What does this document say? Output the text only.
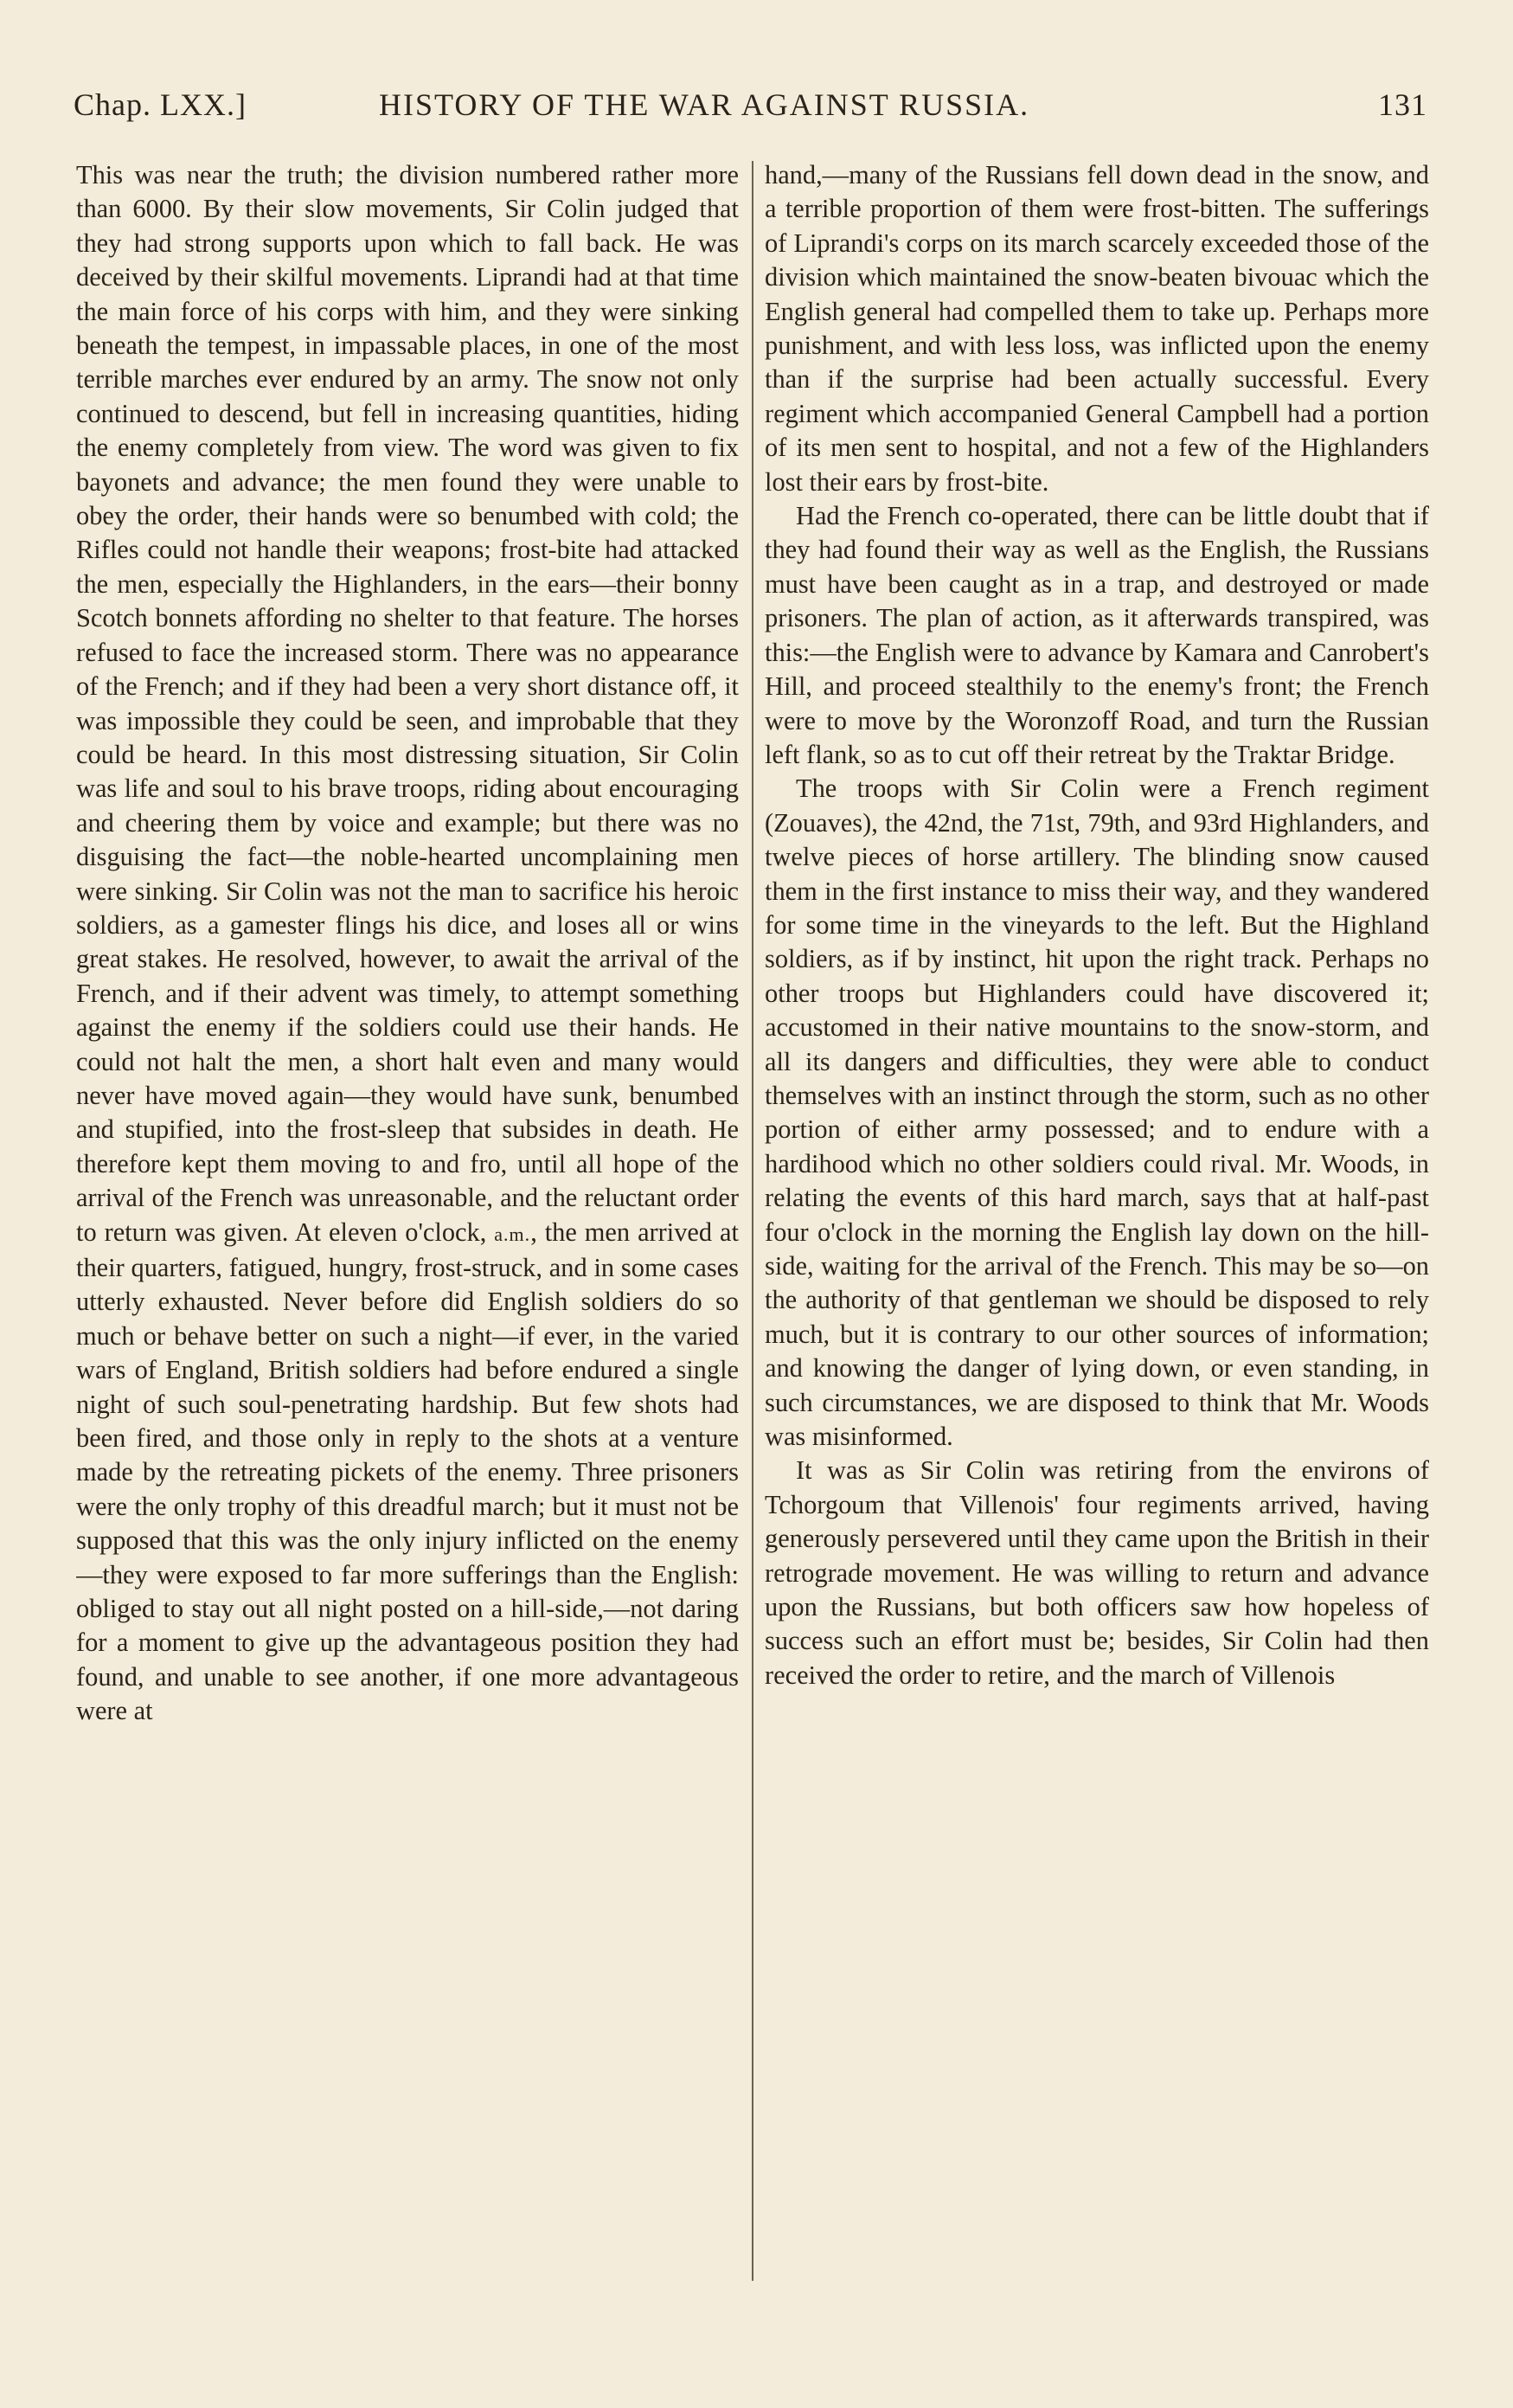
Chap. LXX.]	HISTORY OF THE WAR AGAINST RUSSIA.	131

This was near the truth; the division numbered rather more than 6000. By their slow movements, Sir Colin judged that they had strong supports upon which to fall back. He was deceived by their skilful movements. Liprandi had at that time the main force of his corps with him, and they were sinking beneath the tempest, in impassable places, in one of the most terrible marches ever endured by an army. The snow not only continued to descend, but fell in increasing quantities, hiding the enemy completely from view. The word was given to fix bayonets and advance; the men found they were unable to obey the order, their hands were so benumbed with cold; the Rifles could not handle their weapons; frost-bite had attacked the men, especially the Highlanders, in the ears—their bonny Scotch bonnets affording no shelter to that feature. The horses refused to face the increased storm. There was no appearance of the French; and if they had been a very short distance off, it was impossible they could be seen, and improbable that they could be heard. In this most distressing situation, Sir Colin was life and soul to his brave troops, riding about encouraging and cheering them by voice and example; but there was no disguising the fact—the noble-hearted uncomplaining men were sinking. Sir Colin was not the man to sacrifice his heroic soldiers, as a gamester flings his dice, and loses all or wins great stakes. He resolved, however, to await the arrival of the French, and if their advent was timely, to attempt something against the enemy if the soldiers could use their hands. He could not halt the men, a short halt even and many would never have moved again—they would have sunk, benumbed and stupified, into the frost-sleep that subsides in death. He therefore kept them moving to and fro, until all hope of the arrival of the French was unreasonable, and the reluctant order to return was given. At eleven o'clock, a.m., the men arrived at their quarters, fatigued, hungry, frost-struck, and in some cases utterly exhausted. Never before did English soldiers do so much or behave better on such a night—if ever, in the varied wars of England, British soldiers had before endured a single night of such soul-penetrating hardship. But few shots had been fired, and those only in reply to the shots at a venture made by the retreating pickets of the enemy. Three prisoners were the only trophy of this dreadful march; but it must not be supposed that this was the only injury inflicted on the enemy—they were exposed to far more sufferings than the English: obliged to stay out all night posted on a hill-side,—not daring for a moment to give up the advantageous position they had found, and unable to see another, if one more advantageous were at

hand,—many of the Russians fell down dead in the snow, and a terrible proportion of them were frost-bitten. The sufferings of Liprandi's corps on its march scarcely exceeded those of the division which maintained the snow-beaten bivouac which the English general had compelled them to take up. Perhaps more punishment, and with less loss, was inflicted upon the enemy than if the surprise had been actually successful. Every regiment which accompanied General Campbell had a portion of its men sent to hospital, and not a few of the Highlanders lost their ears by frost-bite.

Had the French co-operated, there can be little doubt that if they had found their way as well as the English, the Russians must have been caught as in a trap, and destroyed or made prisoners. The plan of action, as it afterwards transpired, was this:—the English were to advance by Kamara and Canrobert's Hill, and proceed stealthily to the enemy's front; the French were to move by the Woronzoff Road, and turn the Russian left flank, so as to cut off their retreat by the Traktar Bridge.

The troops with Sir Colin were a French regiment (Zouaves), the 42nd, the 71st, 79th, and 93rd Highlanders, and twelve pieces of horse artillery. The blinding snow caused them in the first instance to miss their way, and they wandered for some time in the vineyards to the left. But the Highland soldiers, as if by instinct, hit upon the right track. Perhaps no other troops but Highlanders could have discovered it; accustomed in their native mountains to the snow-storm, and all its dangers and difficulties, they were able to conduct themselves with an instinct through the storm, such as no other portion of either army possessed; and to endure with a hardihood which no other soldiers could rival. Mr. Woods, in relating the events of this hard march, says that at half-past four o'clock in the morning the English lay down on the hill-side, waiting for the arrival of the French. This may be so—on the authority of that gentleman we should be disposed to rely much, but it is contrary to our other sources of information; and knowing the danger of lying down, or even standing, in such circumstances, we are disposed to think that Mr. Woods was misinformed.

It was as Sir Colin was retiring from the environs of Tchorgoum that Villenois' four regiments arrived, having generously persevered until they came upon the British in their retrograde movement. He was willing to return and advance upon the Russians, but both officers saw how hopeless of success such an effort must be; besides, Sir Colin had then received the order to retire, and the march of Villenois
